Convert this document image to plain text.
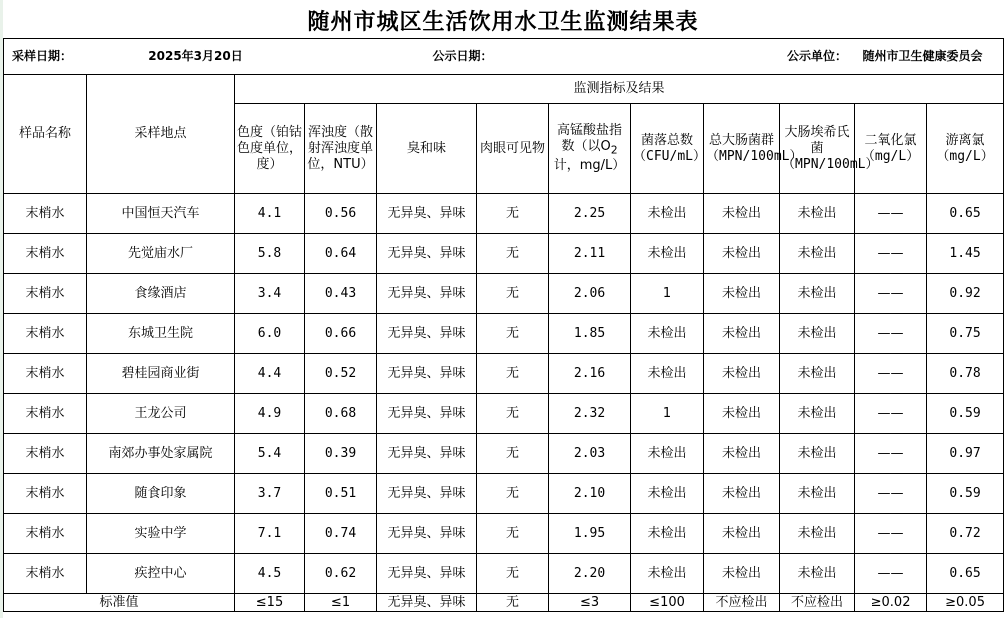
随州市城区生活饮用水卫生监测结果表
采样日期：	2025年3月20日			公示日期：					公示单位：	随州市卫生健康委员会	
样品名称	采样地点	监测指标及结果									
		色度（铂钴色度单位，度）	浑浊度（散射浑浊度单位，NTU）	臭和味	肉眼可见物	高锰酸盐指数（以$O_2$计，mg/L）	菌落总数（CFU/mL）	总大肠菌群（MPN/100mL）	大肠埃希氏菌（MPN/100mL）	二氧化氯（mg/L）	游离氯（mg/L）
末梢水	中国恒天汽车	4.1	0.56	无异臭、异味	无	2.25	未检出	未检出	未检出	——	0.65
末梢水	先觉庙水厂	5.8	0.64	无异臭、异味	无	2.11	未检出	未检出	未检出	——	1.45
末梢水	食缘酒店	3.4	0.43	无异臭、异味	无	2.06	1	未检出	未检出	——	0.92
末梢水	东城卫生院	6.0	0.66	无异臭、异味	无	1.85	未检出	未检出	未检出	——	0.75
末梢水	碧桂园商业街	4.4	0.52	无异臭、异味	无	2.16	未检出	未检出	未检出	——	0.78
末梢水	王龙公司	4.9	0.68	无异臭、异味	无	2.32	1	未检出	未检出	——	0.59
末梢水	南郊办事处家属院	5.4	0.39	无异臭、异味	无	2.03	未检出	未检出	未检出	——	0.97
末梢水	随食印象	3.7	0.51	无异臭、异味	无	2.10	未检出	未检出	未检出	——	0.59
末梢水	实验中学	7.1	0.74	无异臭、异味	无	1.95	未检出	未检出	未检出	——	0.72
末梢水	疾控中心	4.5	0.62	无异臭、异味	无	2.20	未检出	未检出	未检出	——	0.65
标准值		≤15	≤1	无异臭、异味	无	≤3	≤100	不应检出	不应检出	≥0.02	≥0.05
